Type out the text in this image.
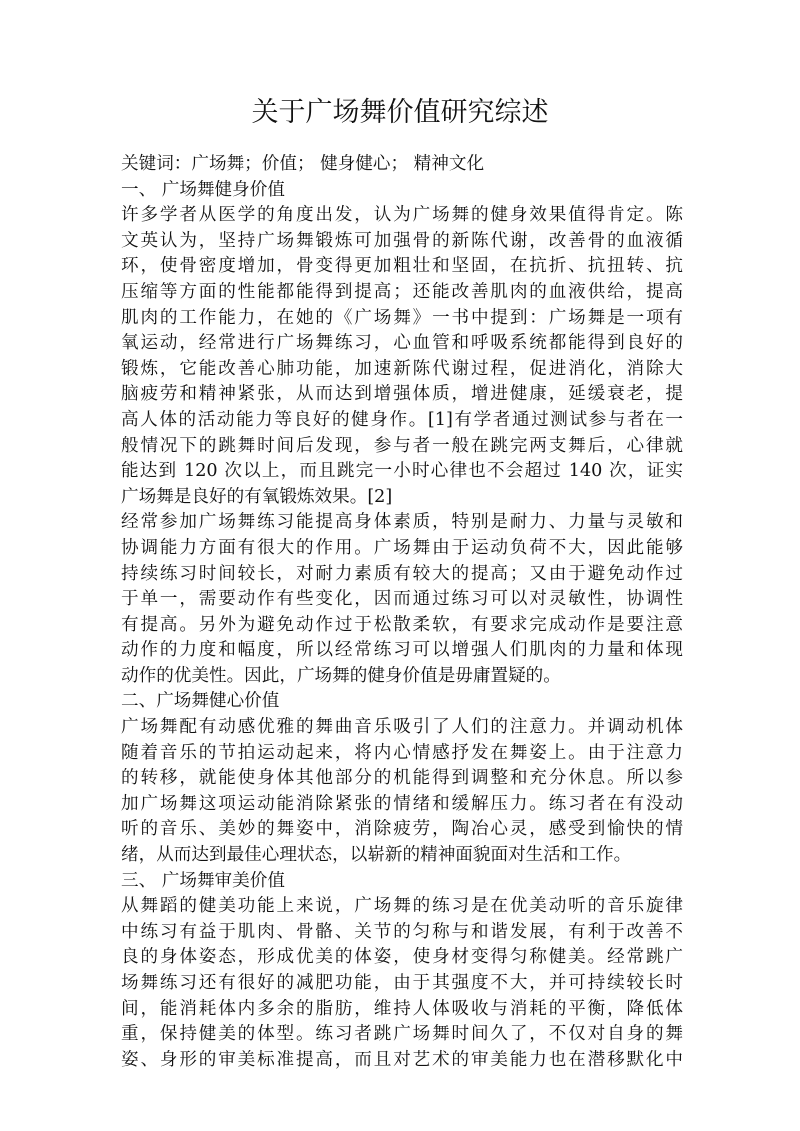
关于广场舞价值研究综述
关键词：广场舞；价值； 健身健心； 精神文化
一、 广场舞健身价值
许多学者从医学的角度出发，认为广场舞的健身效果值得肯定。陈
文英认为，坚持广场舞锻炼可加强骨的新陈代谢，改善骨的血液循
环，使骨密度增加，骨变得更加粗壮和坚固，在抗折、抗扭转、抗
压缩等方面的性能都能得到提高；还能改善肌肉的血液供给，提高
肌肉的工作能力，在她的《广场舞》一书中提到：广场舞是一项有
氧运动，经常进行广场舞练习，心血管和呼吸系统都能得到良好的
锻炼，它能改善心肺功能，加速新陈代谢过程，促进消化，消除大
脑疲劳和精神紧张，从而达到增强体质，增进健康，延缓衰老，提
高人体的活动能力等良好的健身作。[1]有学者通过测试参与者在一
般情况下的跳舞时间后发现，参与者一般在跳完两支舞后，心律就
能达到 120 次以上，而且跳完一小时心律也不会超过 140 次，证实
广场舞是良好的有氧锻炼效果。[2]
经常参加广场舞练习能提高身体素质，特别是耐力、力量与灵敏和
协调能力方面有很大的作用。广场舞由于运动负荷不大，因此能够
持续练习时间较长，对耐力素质有较大的提高；又由于避免动作过
于单一，需要动作有些变化，因而通过练习可以对灵敏性，协调性
有提高。另外为避免动作过于松散柔软，有要求完成动作是要注意
动作的力度和幅度，所以经常练习可以增强人们肌肉的力量和体现
动作的优美性。因此，广场舞的健身价值是毋庸置疑的。
二、广场舞健心价值
广场舞配有动感优雅的舞曲音乐吸引了人们的注意力。并调动机体
随着音乐的节拍运动起来，将内心情感抒发在舞姿上。由于注意力
的转移，就能使身体其他部分的机能得到调整和充分休息。所以参
加广场舞这项运动能消除紧张的情绪和缓解压力。练习者在有没动
听的音乐、美妙的舞姿中，消除疲劳，陶冶心灵，感受到愉快的情
绪，从而达到最佳心理状态，以崭新的精神面貌面对生活和工作。
三、 广场舞审美价值
从舞蹈的健美功能上来说，广场舞的练习是在优美动听的音乐旋律
中练习有益于肌肉、骨骼、关节的匀称与和谐发展，有利于改善不
良的身体姿态，形成优美的体姿，使身材变得匀称健美。经常跳广
场舞练习还有很好的减肥功能，由于其强度不大，并可持续较长时
间，能消耗体内多余的脂肪，维持人体吸收与消耗的平衡，降低体
重，保持健美的体型。练习者跳广场舞时间久了，不仅对自身的舞
姿、身形的审美标准提高，而且对艺术的审美能力也在潜移默化中
